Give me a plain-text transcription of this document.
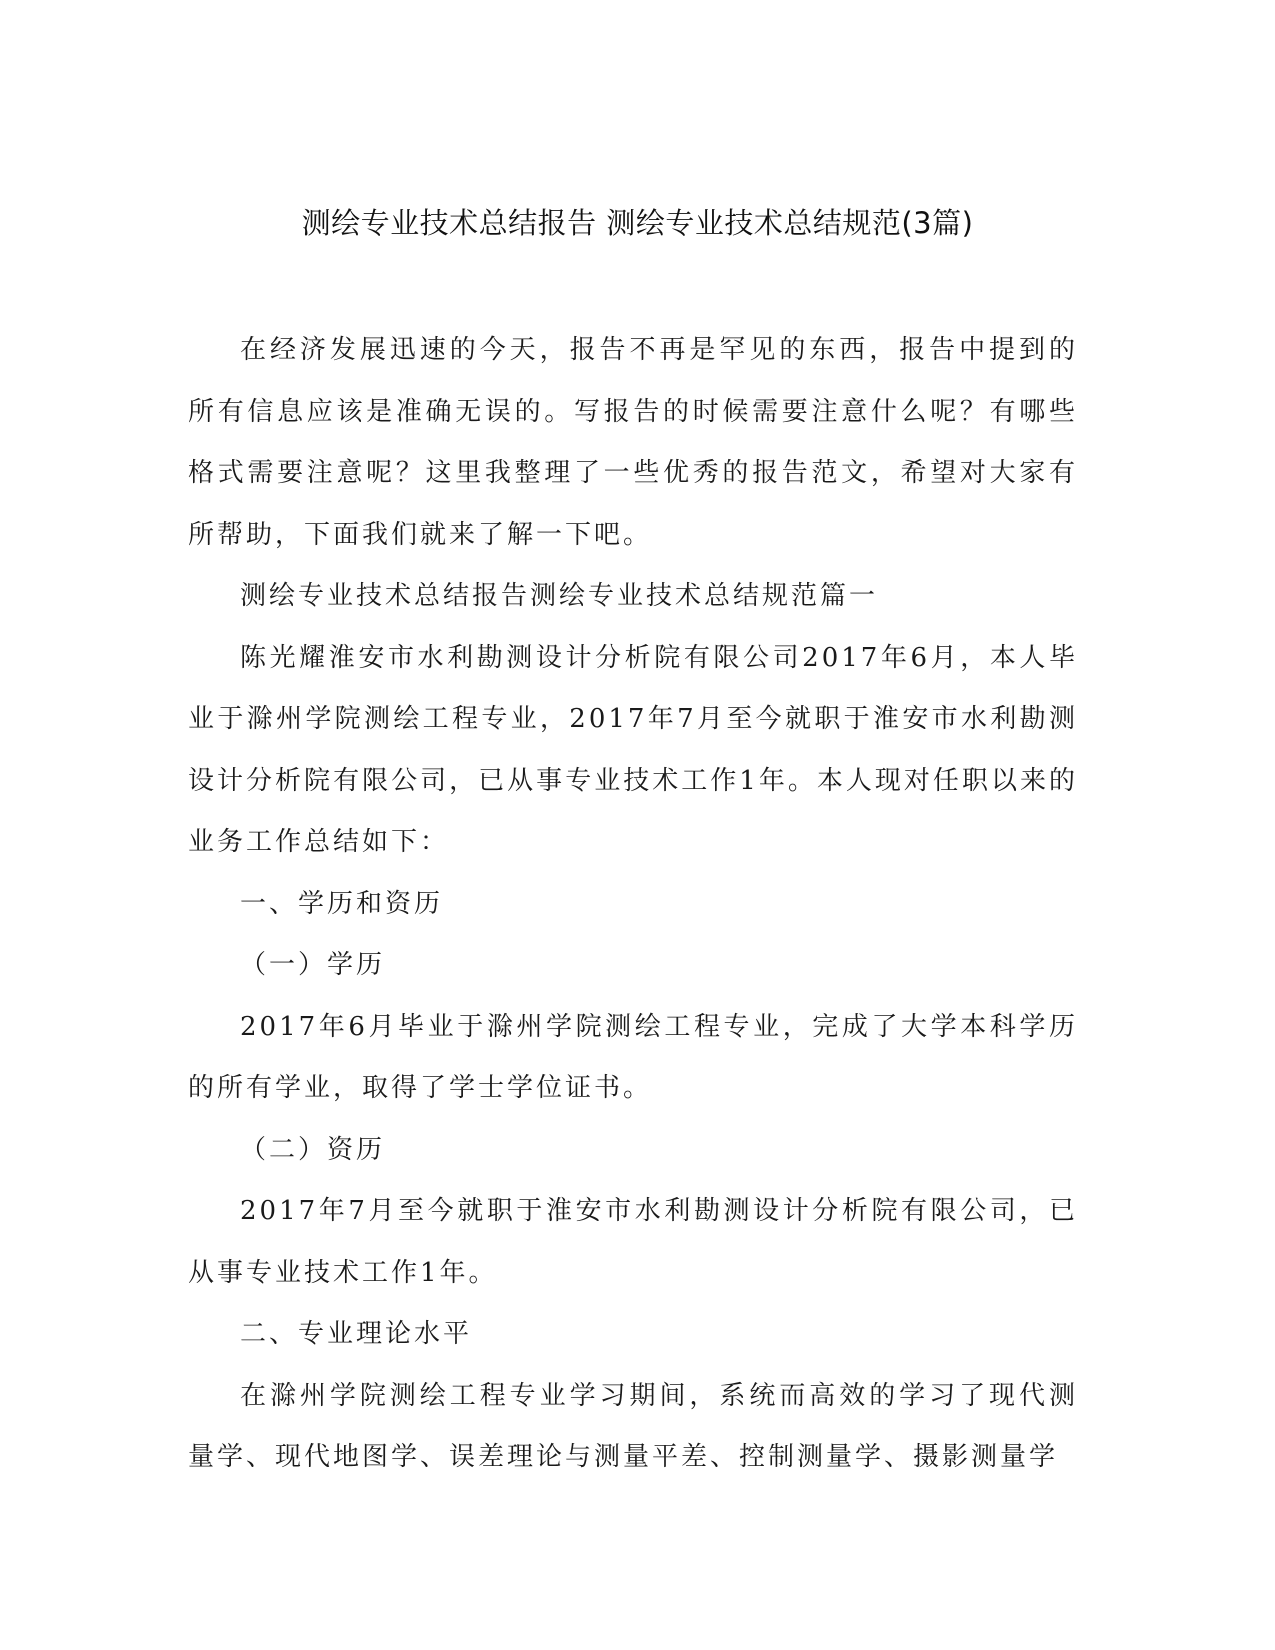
测绘专业技术总结报告 测绘专业技术总结规范(3篇)

在经济发展迅速的今天，报告不再是罕见的东西，报告中提到的所有信息应该是准确无误的。写报告的时候需要注意什么呢？有哪些格式需要注意呢？这里我整理了一些优秀的报告范文，希望对大家有所帮助，下面我们就来了解一下吧。

测绘专业技术总结报告测绘专业技术总结规范篇一

陈光耀淮安市水利勘测设计分析院有限公司2017年6月，本人毕业于滁州学院测绘工程专业，2017年7月至今就职于淮安市水利勘测设计分析院有限公司，已从事专业技术工作1年。本人现对任职以来的业务工作总结如下：

一、学历和资历

（一）学历

2017年6月毕业于滁州学院测绘工程专业，完成了大学本科学历的所有学业，取得了学士学位证书。

（二）资历

2017年7月至今就职于淮安市水利勘测设计分析院有限公司，已从事专业技术工作1年。

二、专业理论水平

在滁州学院测绘工程专业学习期间，系统而高效的学习了现代测量学、现代地图学、误差理论与测量平差、控制测量学、摄影测量学
